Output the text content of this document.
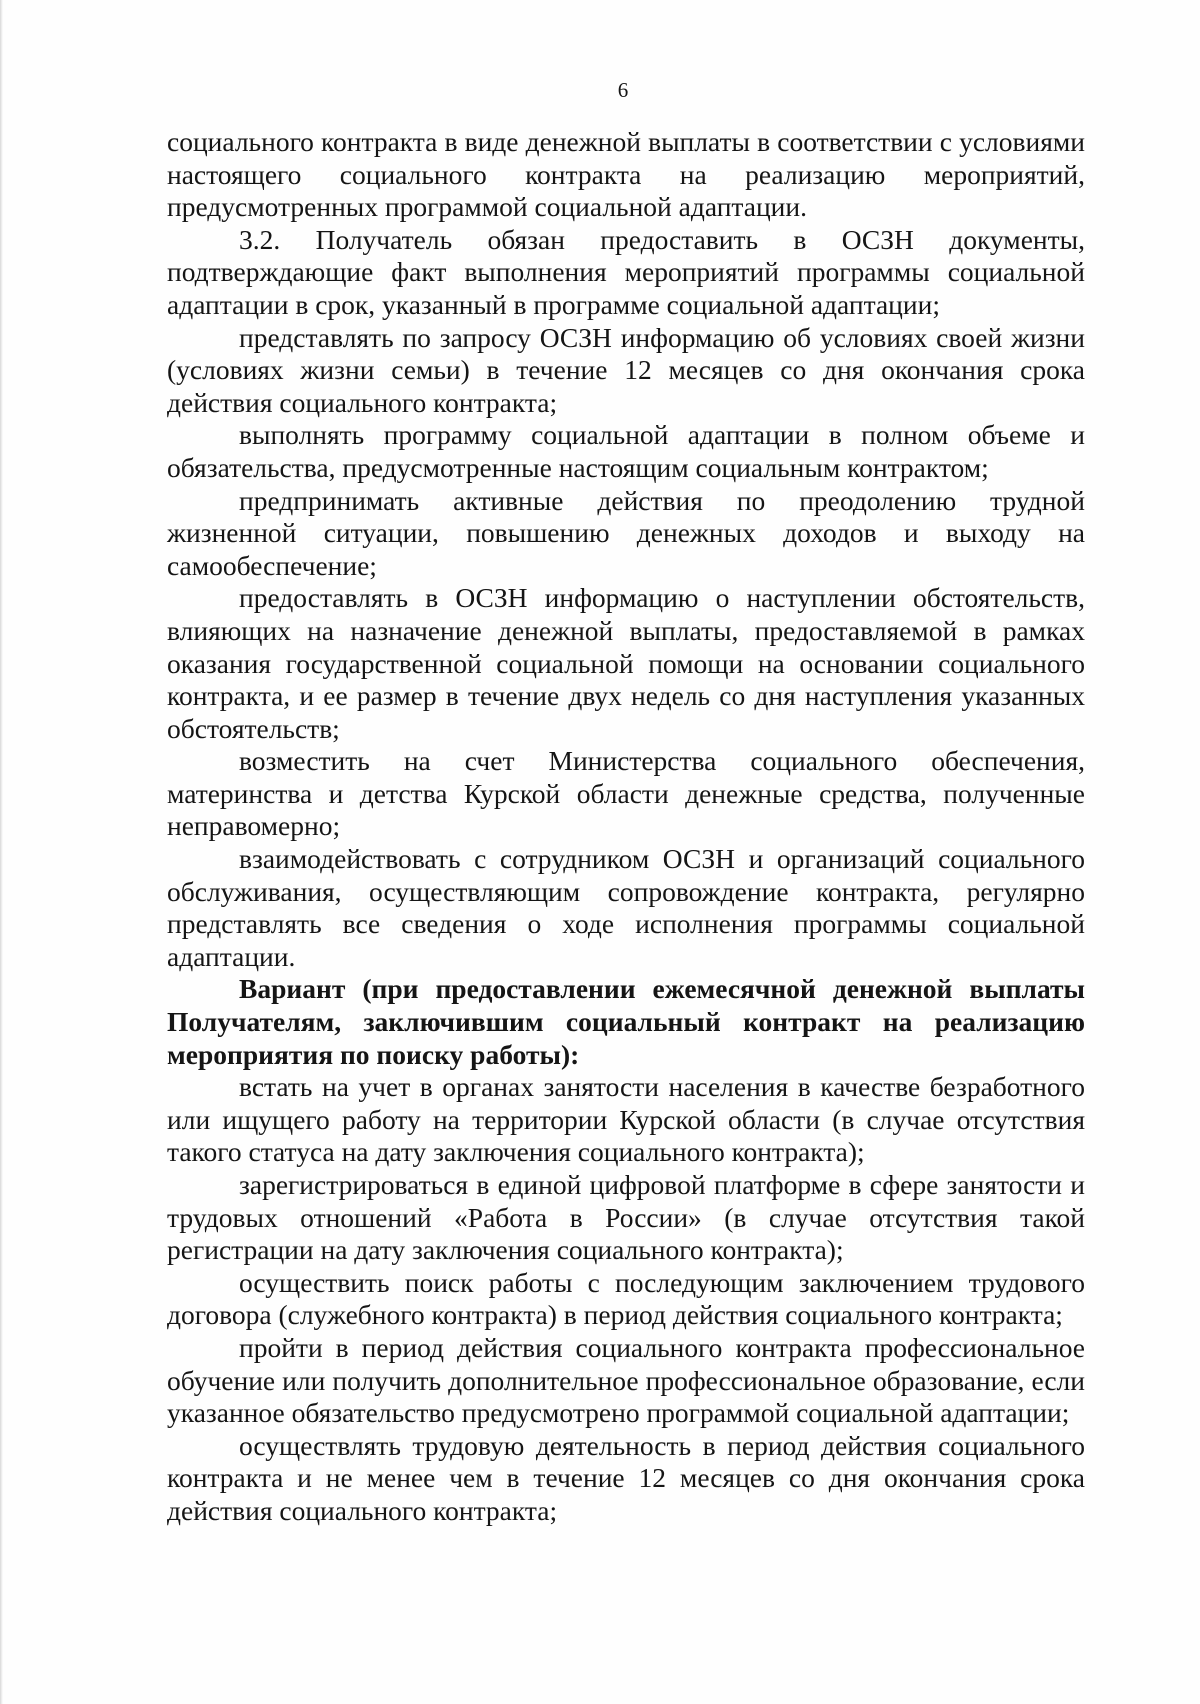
6

социального контракта в виде денежной выплаты в соответствии с условиями настоящего социального контракта на реализацию мероприятий, предусмотренных программой социальной адаптации.

3.2. Получатель обязан предоставить в ОСЗН документы, подтверждающие факт выполнения мероприятий программы социальной адаптации в срок, указанный в программе социальной адаптации;

представлять по запросу ОСЗН информацию об условиях своей жизни (условиях жизни семьи) в течение 12 месяцев со дня окончания срока действия социального контракта;

выполнять программу социальной адаптации в полном объеме и обязательства, предусмотренные настоящим социальным контрактом;

предпринимать активные действия по преодолению трудной жизненной ситуации, повышению денежных доходов и выходу на самообеспечение;

предоставлять в ОСЗН информацию о наступлении обстоятельств, влияющих на назначение денежной выплаты, предоставляемой в рамках оказания государственной социальной помощи на основании социального контракта, и ее размер в течение двух недель со дня наступления указанных обстоятельств;

возместить на счет Министерства социального обеспечения, материнства и детства Курской области денежные средства, полученные неправомерно;

взаимодействовать с сотрудником ОСЗН и организаций социального обслуживания, осуществляющим сопровождение контракта, регулярно представлять все сведения о ходе исполнения программы социальной адаптации.

Вариант (при предоставлении ежемесячной денежной выплаты Получателям, заключившим социальный контракт на реализацию мероприятия по поиску работы):

встать на учет в органах занятости населения в качестве безработного или ищущего работу на территории Курской области (в случае отсутствия такого статуса на дату заключения социального контракта);

зарегистрироваться в единой цифровой платформе в сфере занятости и трудовых отношений «Работа в России» (в случае отсутствия такой регистрации на дату заключения социального контракта);

осуществить поиск работы с последующим заключением трудового договора (служебного контракта) в период действия социального контракта;

пройти в период действия социального контракта профессиональное обучение или получить дополнительное профессиональное образование, если указанное обязательство предусмотрено программой социальной адаптации;

осуществлять трудовую деятельность в период действия социального контракта и не менее чем в течение 12 месяцев со дня окончания срока действия социального контракта;
